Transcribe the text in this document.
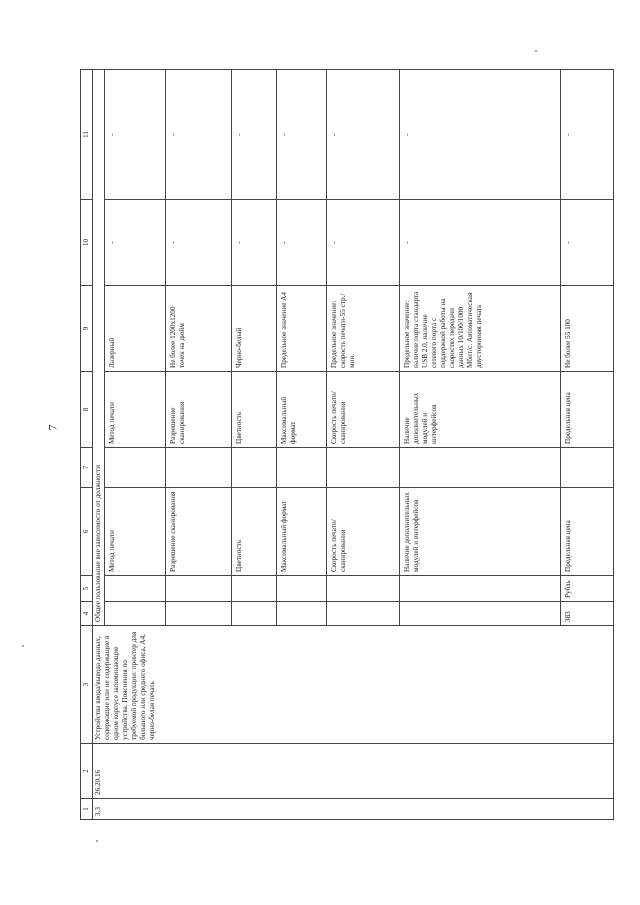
7
1	2	3	4	5	6	7	8	9	10	11
3.3	26.20.16	Устройства ввода/вывода данных, содержащие или не содержащие в одном корпусе запоминающие устройства. Пояснения по требуемой продукции: принтер для большого или среднего офиса, А4, черно-белая печать	Общее пользование вне зависимости от должности							
					Метод печати		Метод печати	Лазерный	-	-
					Разрешение сканирования		Разрешение сканирования	Не более 1200x1200 точек на дюйм	-	-
					Цветность		Цветность	Черно-белый	-	-
					Максимальный формат		Максимальный формат	Предельное значение А4	-	-
					Скорость печати/сканирования		Скорость печати/сканирования	Предельное значение: скорость печати-55 стр./мин.	-	-
					Наличие дополнительных модулей и интерфейсов		Наличие дополнительных модулей и интерфейсов	Предельное значение: наличие порта стандарта USB 2.0, наличие сетевого порта с поддержкой работы на скоростях передачи данных 10/100/1000 Мбит/с. Автоматическая двусторонняя печать	-	-
			383	Рубль	Предельная цена		Предельная цена	Не более 55 100	-	-
